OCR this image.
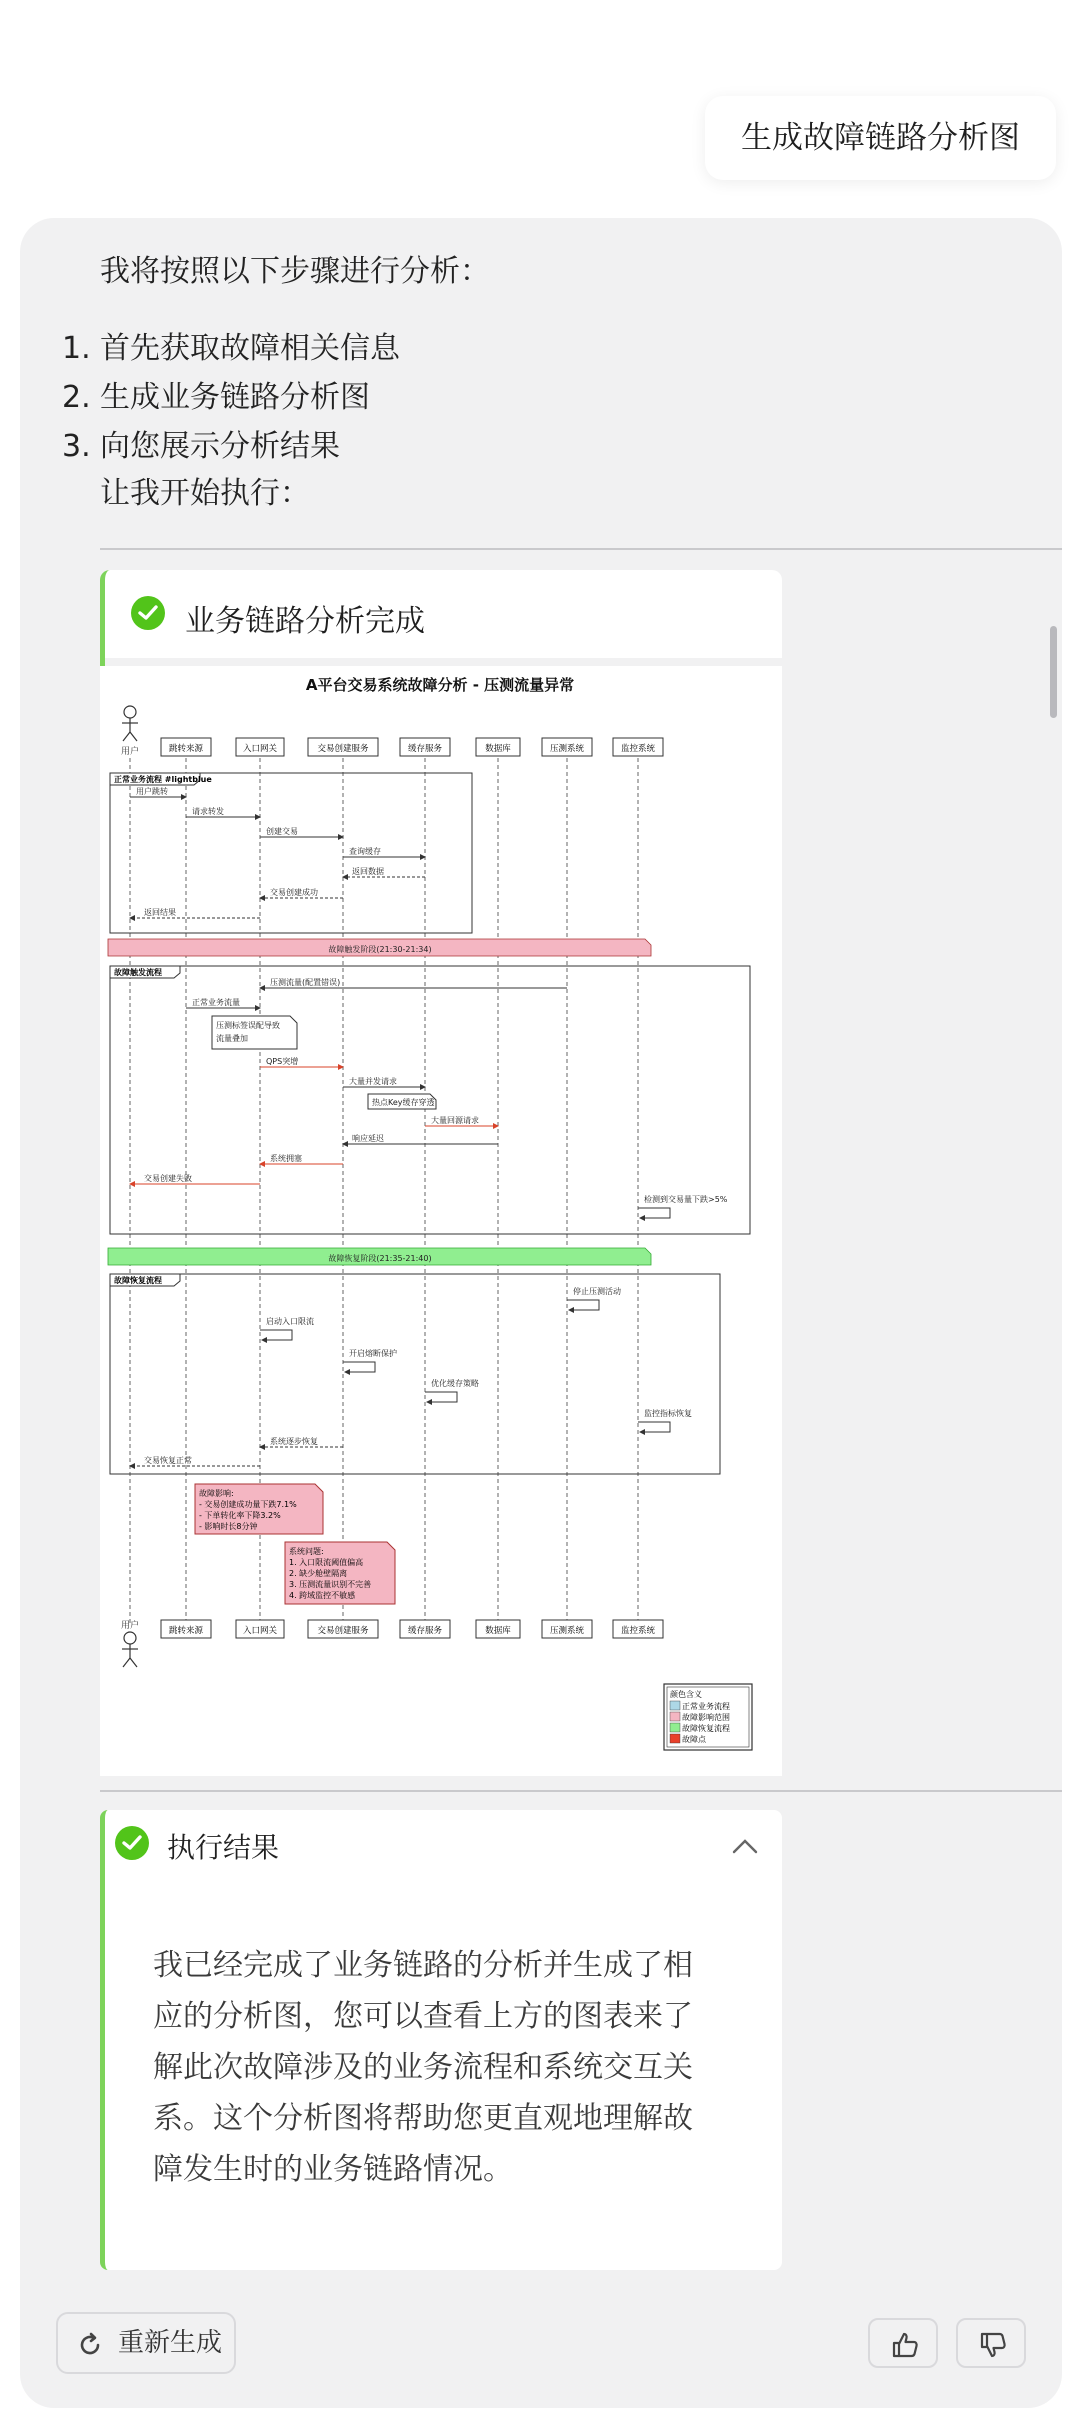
生成故障链路分析图
我将按照以下步骤进行分析：
1. 首先获取故障相关信息
2. 生成业务链路分析图
3. 向您展示分析结果
让我开始执行：
业务链路分析完成
A平台交易系统故障分析 - 压测流量异常
用户	跳转来源	入口网关	交易创建服务	缓存服务	数据库	压测系统	监控系统
正常业务流程 #lightblue
用户跳转
请求转发
创建交易
查询缓存
返回数据
交易创建成功
返回结果
故障触发阶段(21:30-21:34)
故障触发流程
压测流量(配置错误)
正常业务流量
压测标签误配导致
流量叠加
QPS突增
大量并发请求
热点Key缓存穿透
大量回源请求
响应延迟
系统拥塞
交易创建失败
检测到交易量下跌>5%
故障恢复阶段(21:35-21:40)
故障恢复流程
停止压测活动
启动入口限流
开启熔断保护
优化缓存策略
监控指标恢复
系统逐步恢复
交易恢复正常
故障影响:
- 交易创建成功量下跌7.1%
- 下单转化率下降3.2%
- 影响时长8分钟
系统问题:
1. 入口限流阈值偏高
2. 缺少舱壁隔离
3. 压测流量识别不完善
4. 跨域监控不敏感
跳转来源	入口网关	交易创建服务	缓存服务	数据库	压测系统	监控系统
用户
颜色含义
正常业务流程
故障影响范围
故障恢复流程
故障点
执行结果
我已经完成了业务链路的分析并生成了相应的分析图，您可以查看上方的图表来了解此次故障涉及的业务流程和系统交互关系。这个分析图将帮助您更直观地理解故障发生时的业务链路情况。
重新生成
